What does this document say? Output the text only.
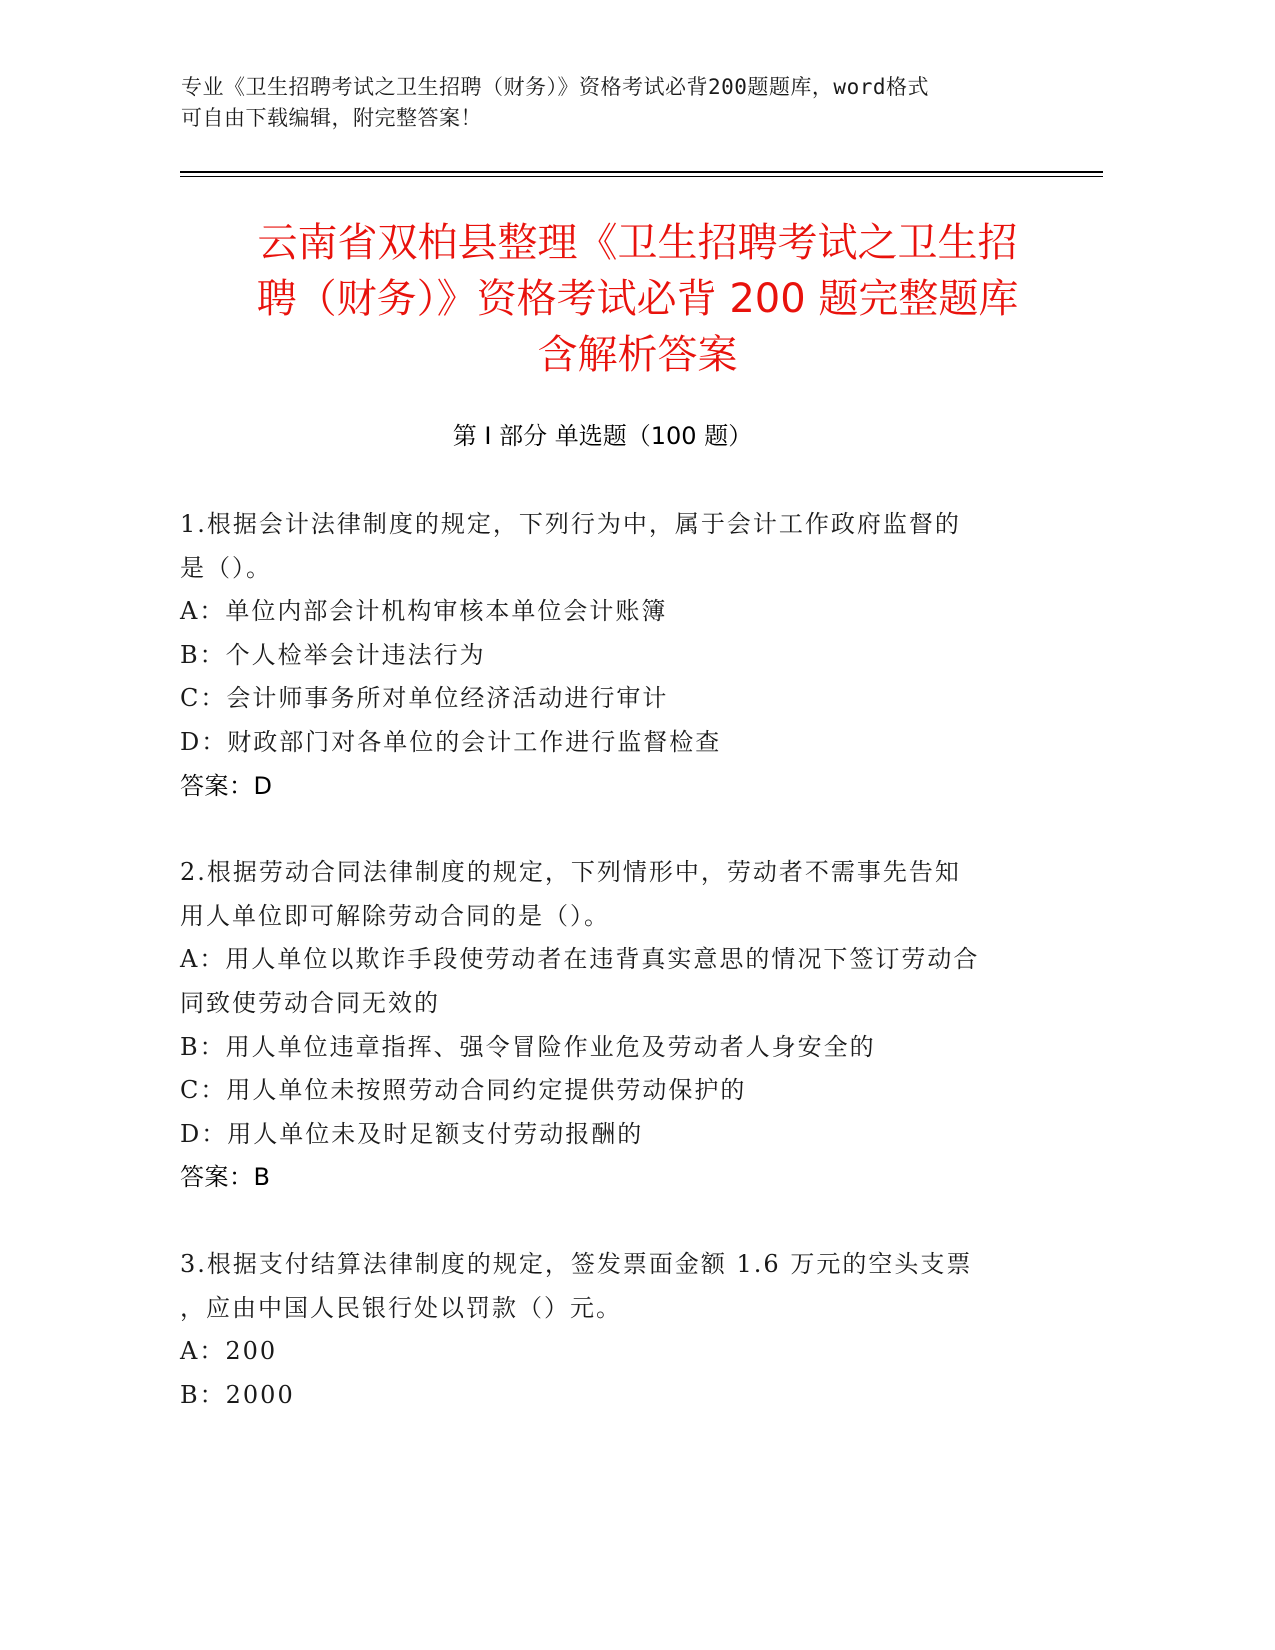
专业《卫生招聘考试之卫生招聘（财务）》资格考试必背200题题库，word格式
可自由下载编辑，附完整答案！
云南省双柏县整理《卫生招聘考试之卫生招
聘（财务）》资格考试必背 200 题完整题库
含解析答案
第 I 部分 单选题（100 题）
1.根据会计法律制度的规定，下列行为中，属于会计工作政府监督的
是（）。
A：单位内部会计机构审核本单位会计账簿
B：个人检举会计违法行为
C：会计师事务所对单位经济活动进行审计
D：财政部门对各单位的会计工作进行监督检查
答案：D
2.根据劳动合同法律制度的规定，下列情形中，劳动者不需事先告知
用人单位即可解除劳动合同的是（）。
A：用人单位以欺诈手段使劳动者在违背真实意思的情况下签订劳动合
同致使劳动合同无效的
B：用人单位违章指挥、强令冒险作业危及劳动者人身安全的
C：用人单位未按照劳动合同约定提供劳动保护的
D：用人单位未及时足额支付劳动报酬的
答案：B
3.根据支付结算法律制度的规定，签发票面金额 1.6 万元的空头支票
，应由中国人民银行处以罚款（）元。
A：200
B：2000
